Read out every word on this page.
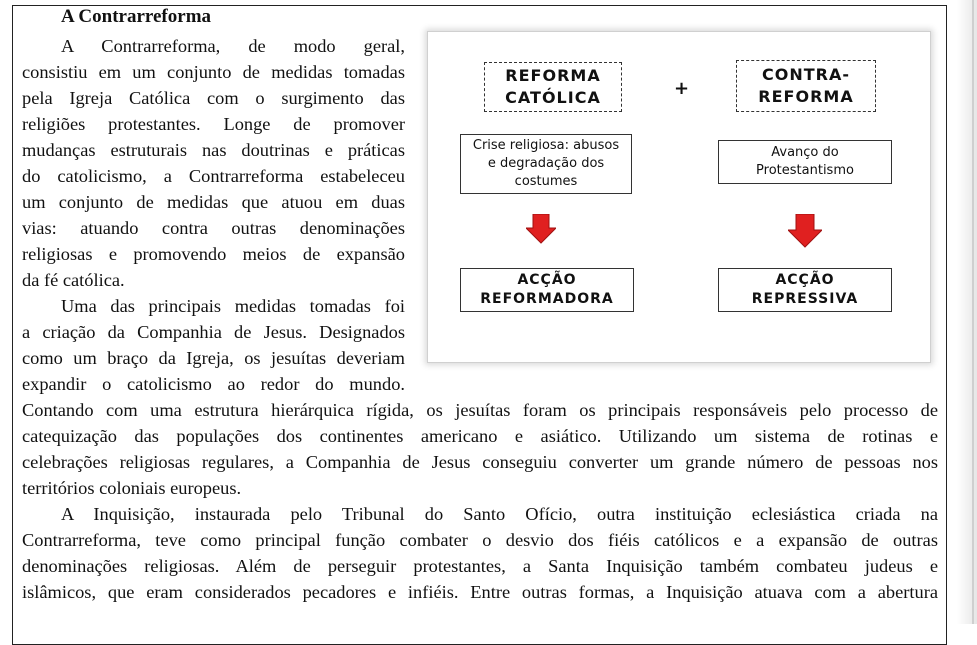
A Contrarreforma
A Contrarreforma, de modo geral,
consistiu em um conjunto de medidas tomadas
pela Igreja Católica com o surgimento das
religiões protestantes. Longe de promover
mudanças estruturais nas doutrinas e práticas
do catolicismo, a Contrarreforma estabeleceu
um conjunto de medidas que atuou em duas
vias: atuando contra outras denominações
religiosas e promovendo meios de expansão
da fé católica.
Uma das principais medidas tomadas foi
a criação da Companhia de Jesus. Designados
como um braço da Igreja, os jesuítas deveriam
expandir o catolicismo ao redor do mundo.
Contando com uma estrutura hierárquica rígida, os jesuítas foram os principais responsáveis pelo processo de
catequização das populações dos continentes americano e asiático. Utilizando um sistema de rotinas e
celebrações religiosas regulares, a Companhia de Jesus conseguiu converter um grande número de pessoas nos
territórios coloniais europeus.
A Inquisição, instaurada pelo Tribunal do Santo Ofício, outra instituição eclesiástica criada na
Contrarreforma, teve como principal função combater o desvio dos fiéis católicos e a expansão de outras
denominações religiosas. Além de perseguir protestantes, a Santa Inquisição também combateu judeus e
islâmicos, que eram considerados pecadores e infiéis. Entre outras formas, a Inquisição atuava com a abertura
REFORMA
CATÓLICA	+
CONTRA-
REFORMA
Crise religiosa: abusos
e degradação dos
costumes
Avanço do
Protestantismo
ACÇÃO
REFORMADORA
ACÇÃO
REPRESSIVA
